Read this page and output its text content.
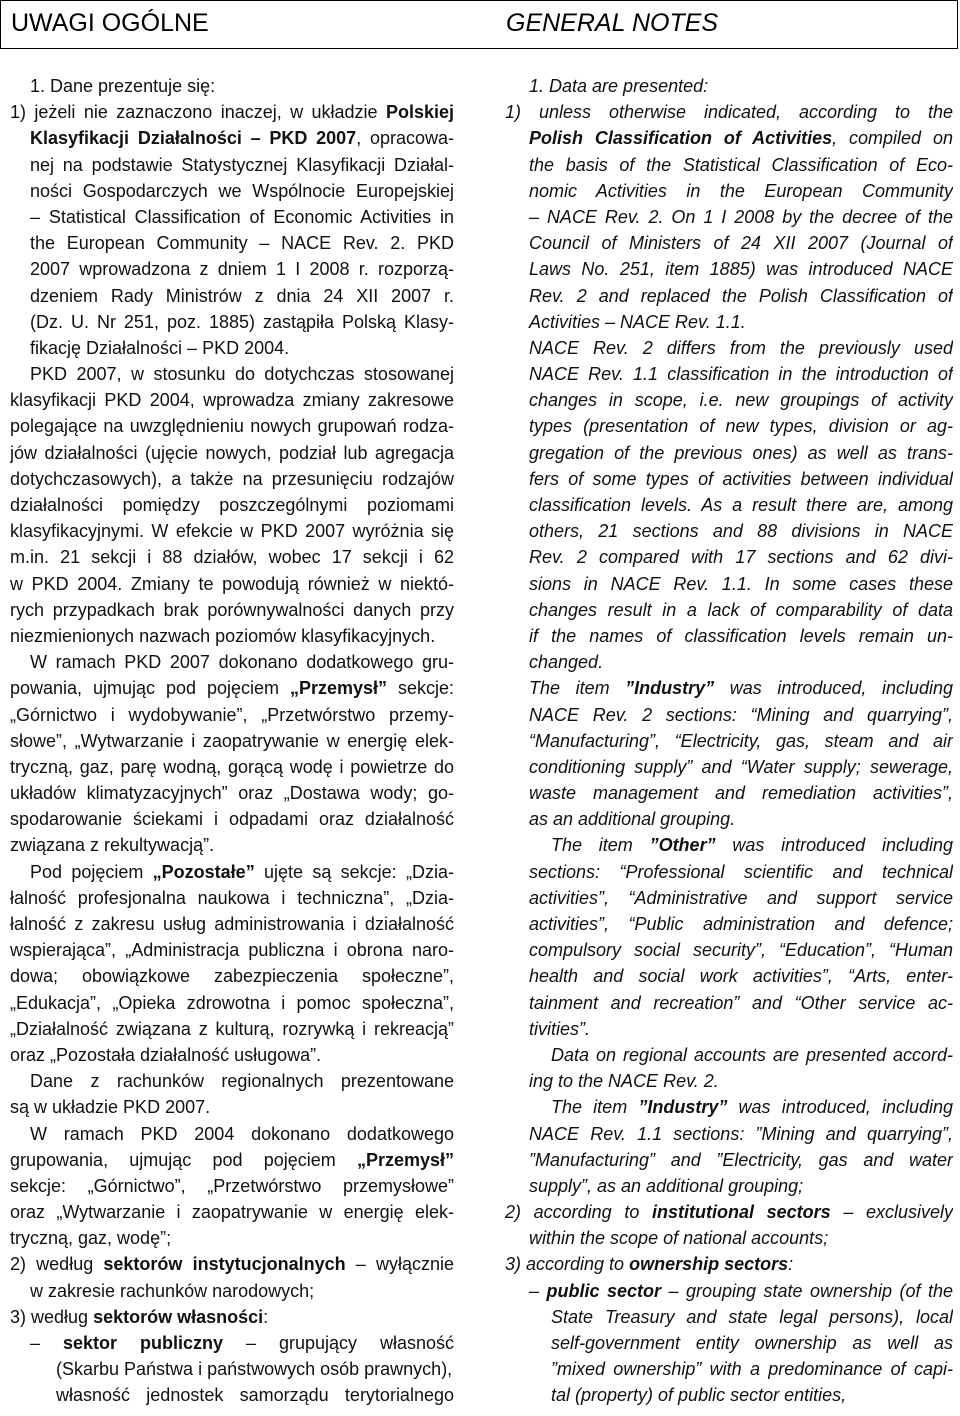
UWAGI OGÓLNE	GENERAL NOTES
1. Dane prezentuje się:
1) jeżeli nie zaznaczono inaczej, w układzie Polskiej
Klasyfikacji Działalności – PKD 2007, opracowa-
nej na podstawie Statystycznej Klasyfikacji Działal-
ności Gospodarczych we Wspólnocie Europejskiej
– Statistical Classification of Economic Activities in
the European Community – NACE Rev. 2. PKD
2007 wprowadzona z dniem 1 I 2008 r. rozporzą-
dzeniem Rady Ministrów z dnia 24 XII 2007 r.
(Dz. U. Nr 251, poz. 1885) zastąpiła Polską Klasy-
fikację Działalności – PKD 2004.
PKD 2007, w stosunku do dotychczas stosowanej
klasyfikacji PKD 2004, wprowadza zmiany zakresowe
polegające na uwzględnieniu nowych grupowań rodza-
jów działalności (ujęcie nowych, podział lub agregacja
dotychczasowych), a także na przesunięciu rodzajów
działalności pomiędzy poszczególnymi poziomami
klasyfikacyjnymi. W efekcie w PKD 2007 wyróżnia się
m.in. 21 sekcji i 88 działów, wobec 17 sekcji i 62
w PKD 2004. Zmiany te powodują również w niektó-
rych przypadkach brak porównywalności danych przy
niezmienionych nazwach poziomów klasyfikacyjnych.
W ramach PKD 2007 dokonano dodatkowego gru-
powania, ujmując pod pojęciem „Przemysł” sekcje:
„Górnictwo i wydobywanie”, „Przetwórstwo przemy-
słowe”, „Wytwarzanie i zaopatrywanie w energię elek-
tryczną, gaz, parę wodną, gorącą wodę i powietrze do
układów klimatyzacyjnych” oraz „Dostawa wody; go-
spodarowanie ściekami i odpadami oraz działalność
związana z rekultywacją”.
Pod pojęciem „Pozostałe” ujęte są sekcje: „Dzia-
łalność profesjonalna naukowa i techniczna”, „Dzia-
łalność z zakresu usług administrowania i działalność
wspierająca”, „Administracja publiczna i obrona naro-
dowa; obowiązkowe zabezpieczenia społeczne”,
„Edukacja”, „Opieka zdrowotna i pomoc społeczna”,
„Działalność związana z kulturą, rozrywką i rekreacją”
oraz „Pozostała działalność usługowa”.
Dane z rachunków regionalnych prezentowane
są w układzie PKD 2007.
W ramach PKD 2004 dokonano dodatkowego
grupowania, ujmując pod pojęciem „Przemysł”
sekcje: „Górnictwo”, „Przetwórstwo przemysłowe”
oraz „Wytwarzanie i zaopatrywanie w energię elek-
tryczną, gaz, wodę”;
2) według sektorów instytucjonalnych – wyłącznie
w zakresie rachunków narodowych;
3) według sektorów własności:
– sektor publiczny – grupujący własność
(Skarbu Państwa i państwowych osób prawnych),
własność jednostek samorządu terytorialnego
1. Data are presented:
1) unless otherwise indicated, according to the
Polish Classification of Activities, compiled on
the basis of the Statistical Classification of Eco-
nomic Activities in the European Community
– NACE Rev. 2. On 1 I 2008 by the decree of the
Council of Ministers of 24 XII 2007 (Journal of
Laws No. 251, item 1885) was introduced NACE
Rev. 2 and replaced the Polish Classification of
Activities – NACE Rev. 1.1.
NACE Rev. 2 differs from the previously used
NACE Rev. 1.1 classification in the introduction of
changes in scope, i.e. new groupings of activity
types (presentation of new types, division or ag-
gregation of the previous ones) as well as trans-
fers of some types of activities between individual
classification levels. As a result there are, among
others, 21 sections and 88 divisions in NACE
Rev. 2 compared with 17 sections and 62 divi-
sions in NACE Rev. 1.1. In some cases these
changes result in a lack of comparability of data
if the names of classification levels remain un-
changed.
The item ”Industry” was introduced, including
NACE Rev. 2 sections: “Mining and quarrying”,
“Manufacturing”, “Electricity, gas, steam and air
conditioning supply” and “Water supply; sewerage,
waste management and remediation activities”,
as an additional grouping.
The item ”Other” was introduced including
sections: “Professional scientific and technical
activities”, “Administrative and support service
activities”, “Public administration and defence;
compulsory social security”, “Education”, “Human
health and social work activities”, “Arts, enter-
tainment and recreation” and “Other service ac-
tivities”.
Data on regional accounts are presented accord-
ing to the NACE Rev. 2.
The item ”Industry” was introduced, including
NACE Rev. 1.1 sections: ”Mining and quarrying”,
”Manufacturing” and ”Electricity, gas and water
supply”, as an additional grouping;
2) according to institutional sectors – exclusively
within the scope of national accounts;
3) according to ownership sectors:
– public sector – grouping state ownership (of the
State Treasury and state legal persons), local
self-government entity ownership as well as
”mixed ownership” with a predominance of capi-
tal (property) of public sector entities,
